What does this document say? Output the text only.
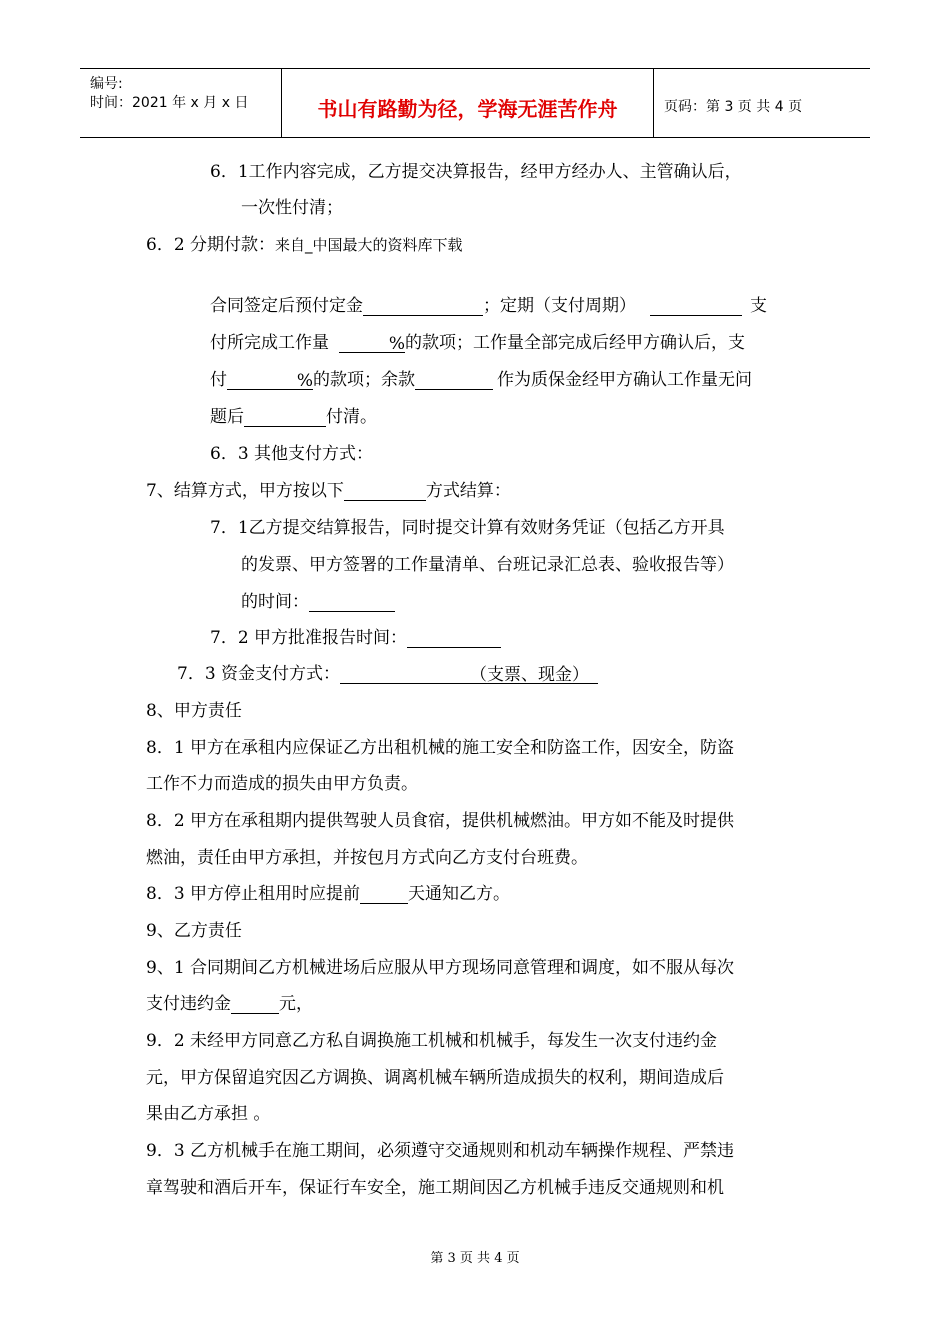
编号:
时间：2021 年 x 月 x 日	书山有路勤为径，学海无涯苦作舟	页码：第 3 页 共 4 页
6．1工作内容完成，乙方提交决算报告，经甲方经办人、主管确认后，
一次性付清；
6．2 分期付款：来自_中国最大的资料库下载
合同签定后预付定金	；定期（支付周期）	支
付所完成工作量	%的款项；工作量全部完成后经甲方确认后，支
付	%的款项；余款	作为质保金经甲方确认工作量无问
题后	付清。
6．3 其他支付方式：
7、结算方式，甲方按以下	方式结算：
7．1乙方提交结算报告，同时提交计算有效财务凭证（包括乙方开具
的发票、甲方签署的工作量清单、台班记录汇总表、验收报告等）
的时间：
7．2 甲方批准报告时间：
7．3 资金支付方式：	（支票、现金）
8、甲方责任
8．1 甲方在承租内应保证乙方出租机械的施工安全和防盗工作，因安全，防盗
工作不力而造成的损失由甲方负责。
8．2 甲方在承租期内提供驾驶人员食宿，提供机械燃油。甲方如不能及时提供
燃油，责任由甲方承担，并按包月方式向乙方支付台班费。
8．3 甲方停止租用时应提前	天通知乙方。
9、乙方责任
9、1 合同期间乙方机械进场后应服从甲方现场同意管理和调度，如不服从每次
支付违约金	元，
9．2 未经甲方同意乙方私自调换施工机械和机械手，每发生一次支付违约金
元，甲方保留追究因乙方调换、调离机械车辆所造成损失的权利，期间造成后
果由乙方承担 。
9．3 乙方机械手在施工期间，必须遵守交通规则和机动车辆操作规程、严禁违
章驾驶和酒后开车，保证行车安全，施工期间因乙方机械手违反交通规则和机
第 3 页 共 4 页
